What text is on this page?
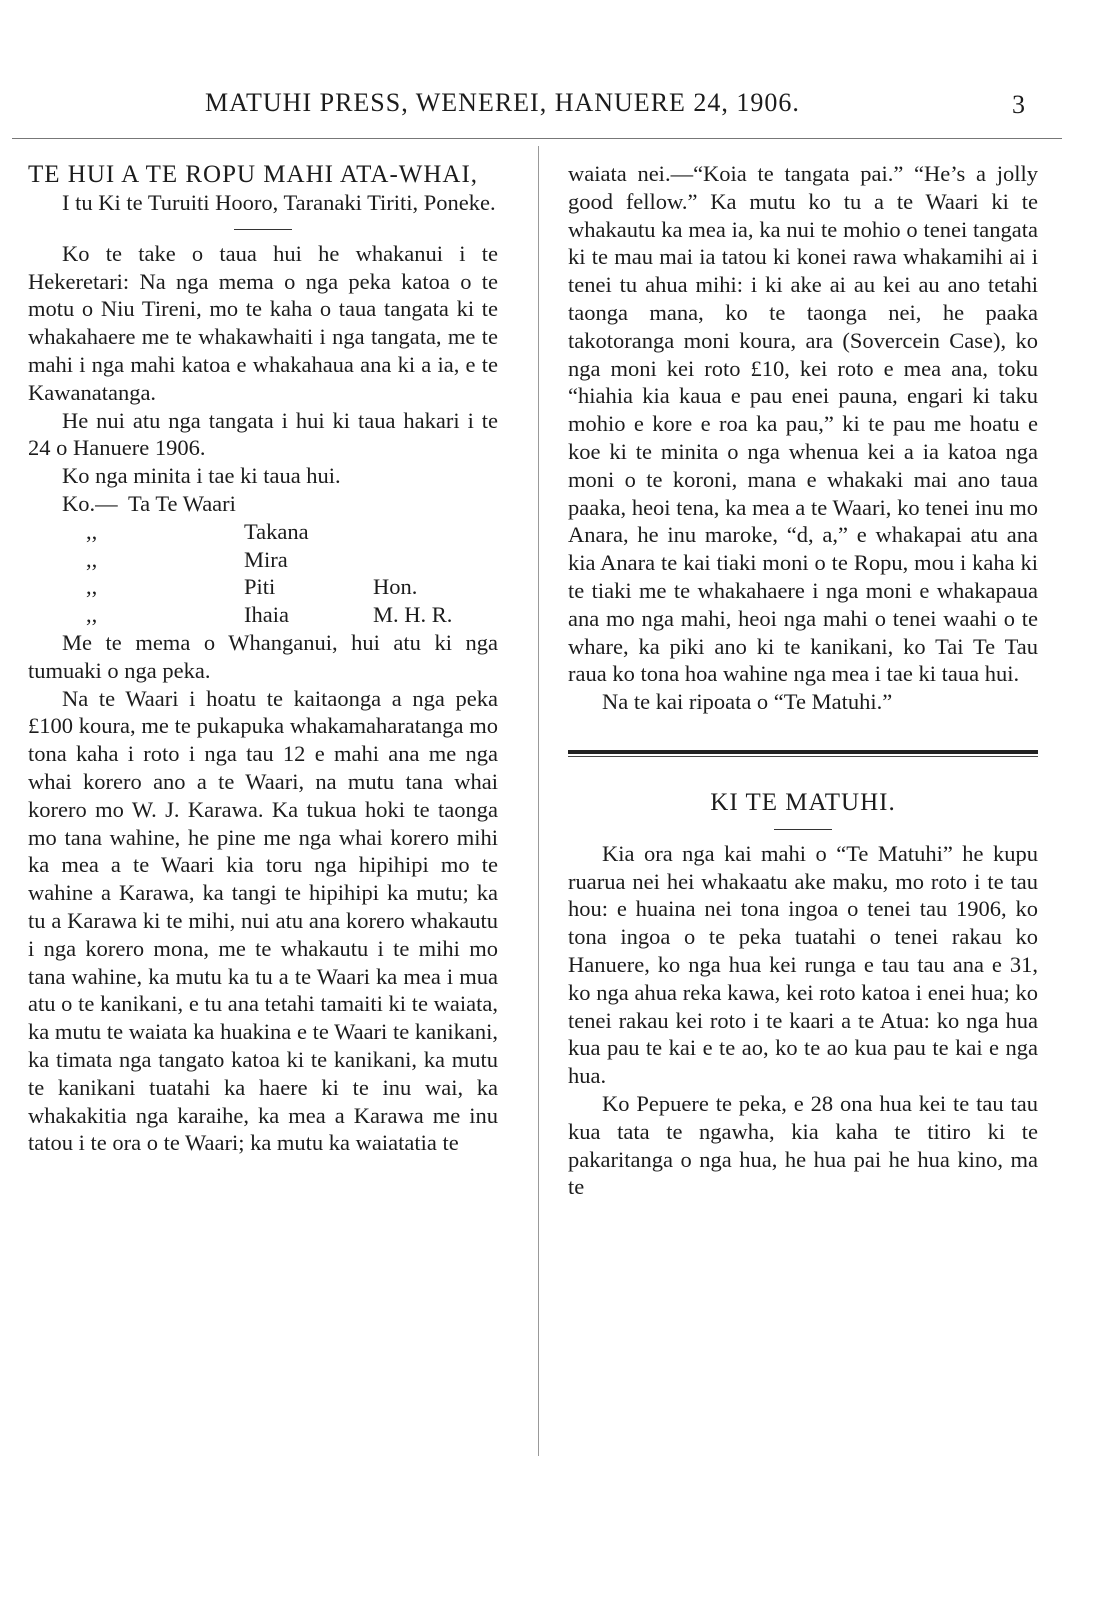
MATUHI PRESS, WENEREI, HANUERE 24, 1906.	3
TE HUI A TE ROPU MAHI ATA-WHAI,

I tu Ki te Turuiti Hooro, Taranaki Tiriti, Poneke.

Ko te take o taua hui he whakanui i te Hekeretari: Na nga mema o nga peka katoa o te motu o Niu Tireni, mo te kaha o taua tangata ki te whakahaere me te whakawhaiti i nga tangata, me te mahi i nga mahi katoa e whakahaua ana ki a ia, e te Kawanatanga.

He nui atu nga tangata i hui ki taua hakari i te 24 o Hanuere 1906.

Ko nga minita i tae ki taua hui.

Ko.— Ta Te Waari
,,	Takana
,,	Mira
,,	Piti	Hon.
,,	Ihaia	M. H. R.

Me te mema o Whanganui, hui atu ki nga tumuaki o nga peka.

Na te Waari i hoatu te kaitaonga a nga peka £100 koura, me te pukapuka whakamaharatanga mo tona kaha i roto i nga tau 12 e mahi ana me nga whai korero ano a te Waari, na mutu tana whai korero mo W. J. Karawa. Ka tukua hoki te taonga mo tana wahine, he pine me nga whai korero mihi ka mea a te Waari kia toru nga hipihipi mo te wahine a Karawa, ka tangi te hipihipi ka mutu; ka tu a Karawa ki te mihi, nui atu ana korero whakautu i nga korero mona, me te whakautu i te mihi mo tana wahine, ka mutu ka tu a te Waari ka mea i mua atu o te kanikani, e tu ana tetahi tamaiti ki te waiata, ka mutu te waiata ka huakina e te Waari te kanikani, ka timata nga tangato katoa ki te kanikani, ka mutu te kanikani tuatahi ka haere ki te inu wai, ka whakakitia nga karaihe, ka mea a Karawa me inu tatou i te ora o te Waari; ka mutu ka waiatatia te

waiata nei.—“Koia te tangata pai.” “He’s a jolly good fellow.” Ka mutu ko tu a te Waari ki te whakautu ka mea ia, ka nui te mohio o tenei tangata ki te mau mai ia tatou ki konei rawa whakamihi ai i tenei tu ahua mihi: i ki ake ai au kei au ano tetahi taonga mana, ko te taonga nei, he paaka takotoranga moni koura, ara (Sovercein Case), ko nga moni kei roto £10, kei roto e mea ana, toku “hiahia kia kaua e pau enei pauna, engari ki taku mohio e kore e roa ka pau,” ki te pau me hoatu e koe ki te minita o nga whenua kei a ia katoa nga moni o te koroni, mana e whakaki mai ano taua paaka, heoi tena, ka mea a te Waari, ko tenei inu mo Anara, he inu maroke, “d, a,” e whakapai atu ana kia Anara te kai tiaki moni o te Ropu, mou i kaha ki te tiaki me te whakahaere i nga moni e whakapaua ana mo nga mahi, heoi nga mahi o tenei waahi o te whare, ka piki ano ki te kanikani, ko Tai Te Tau raua ko tona hoa wahine nga mea i tae ki taua hui.

Na te kai ripoata o “Te Matuhi.”

KI TE MATUHI.

Kia ora nga kai mahi o “Te Matuhi” he kupu ruarua nei hei whakaatu ake maku, mo roto i te tau hou: e huaina nei tona ingoa o tenei tau 1906, ko tona ingoa o te peka tuatahi o tenei rakau ko Hanuere, ko nga hua kei runga e tau tau ana e 31, ko nga ahua reka kawa, kei roto katoa i enei hua; ko tenei rakau kei roto i te kaari a te Atua: ko nga hua kua pau te kai e te ao, ko te ao kua pau te kai e nga hua.

Ko Pepuere te peka, e 28 ona hua kei te tau tau kua tata te ngawha, kia kaha te titiro ki te pakaritanga o nga hua, he hua pai he hua kino, ma te
